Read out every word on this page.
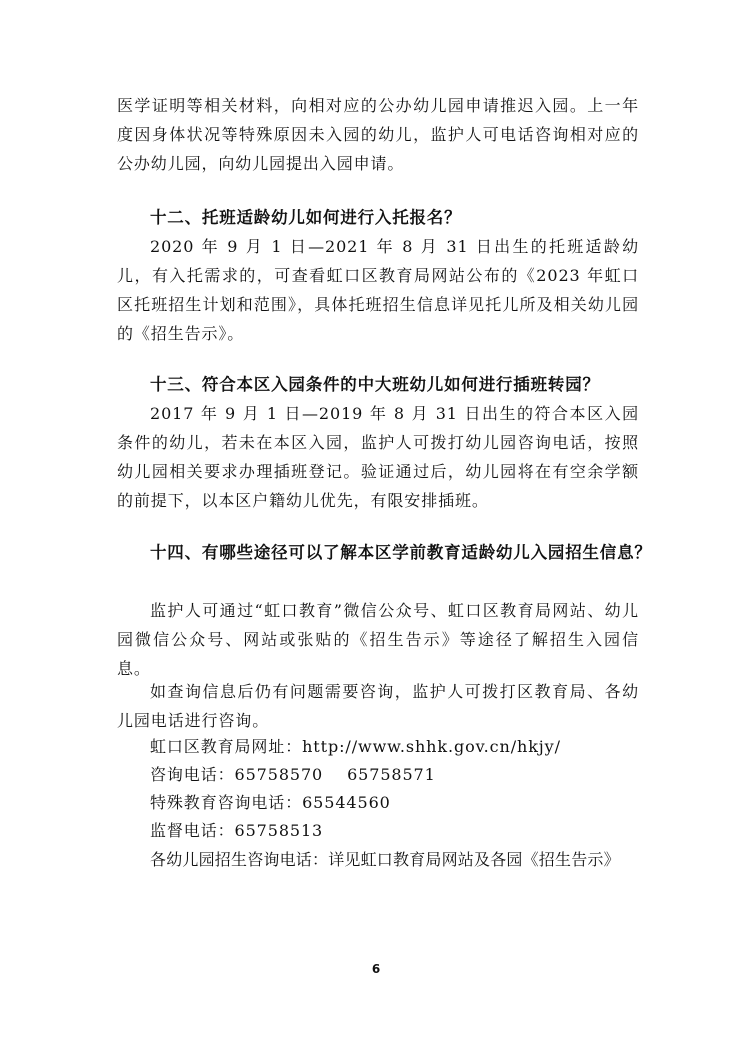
医学证明等相关材料，向相对应的公办幼儿园申请推迟入园。上一年度因身体状况等特殊原因未入园的幼儿，监护人可电话咨询相对应的公办幼儿园，向幼儿园提出入园申请。

十二、托班适龄幼儿如何进行入托报名？

2020 年 9 月 1 日—2021 年 8 月 31 日出生的托班适龄幼儿，有入托需求的，可查看虹口区教育局网站公布的《2023 年虹口区托班招生计划和范围》，具体托班招生信息详见托儿所及相关幼儿园的《招生告示》。

十三、符合本区入园条件的中大班幼儿如何进行插班转园？

2017 年 9 月 1 日—2019 年 8 月 31 日出生的符合本区入园条件的幼儿，若未在本区入园，监护人可拨打幼儿园咨询电话，按照幼儿园相关要求办理插班登记。验证通过后，幼儿园将在有空余学额的前提下，以本区户籍幼儿优先，有限安排插班。

十四、有哪些途径可以了解本区学前教育适龄幼儿入园招生信息？

监护人可通过“虹口教育”微信公众号、虹口区教育局网站、幼儿园微信公众号、网站或张贴的《招生告示》等途径了解招生入园信息。

如查询信息后仍有问题需要咨询，监护人可拨打区教育局、各幼儿园电话进行咨询。

虹口区教育局网址：http://www.shhk.gov.cn/hkjy/

咨询电话：65758570    65758571

特殊教育咨询电话：65544560

监督电话：65758513

各幼儿园招生咨询电话：详见虹口教育局网站及各园《招生告示》

6
